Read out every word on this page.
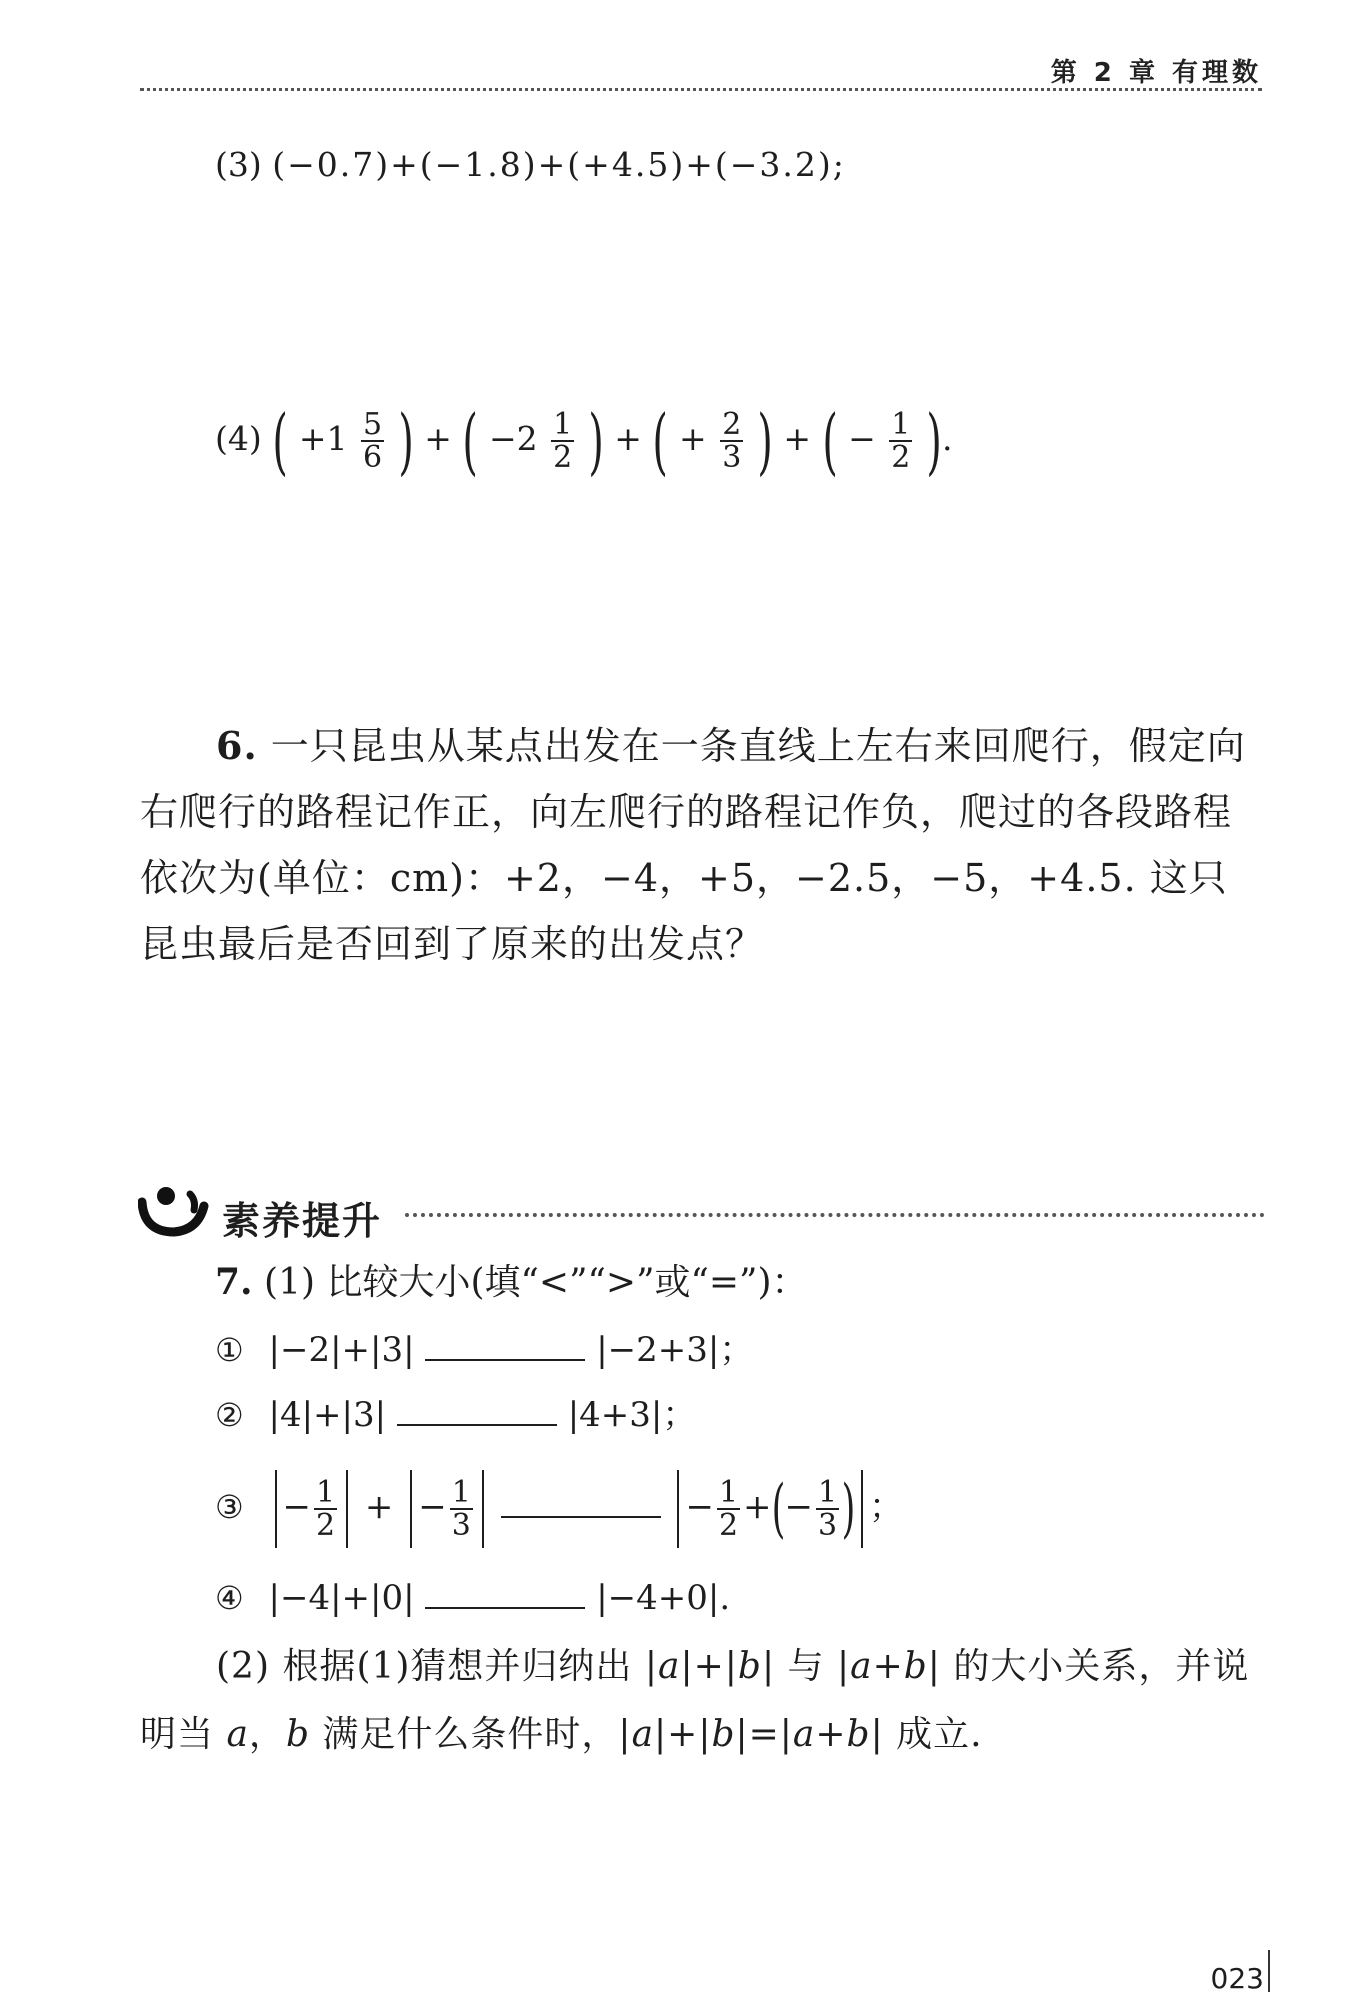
第 2 章 有理数
(3) (−0.7)+(−1.8)+(+4.5)+(−3.2);
(4) ( $+1 \frac{5}{6}$ ) + ( $-2 \frac{1}{2}$ ) + ( + $\frac{2}{3}$ ) + ( − $\frac{1}{2}$ ).
6. 一只昆虫从某点出发在一条直线上左右来回爬行，假定向右爬行的路程记作正，向左爬行的路程记作负，爬过的各段路程依次为(单位：cm)：+2，−4，+5，−2.5，−5，+4.5. 这只昆虫最后是否回到了原来的出发点？
素养提升
7. (1) 比较大小(填“<”“>”或“=”)：
① |−2|+|3|	|−2+3|；
② |4|+|3|	|4+3|；
③ − $\frac{1}{2}$ + − $\frac{1}{3}$	− $\frac{1}{2}$ +(− $\frac{1}{3}$ ) ；
④ |−4|+|0|	|−4+0|.
(2) 根据(1)猜想并归纳出 |a|+|b| 与 |a+b| 的大小关系，并说明当 a，b 满足什么条件时，|a|+|b|=|a+b| 成立.
023
